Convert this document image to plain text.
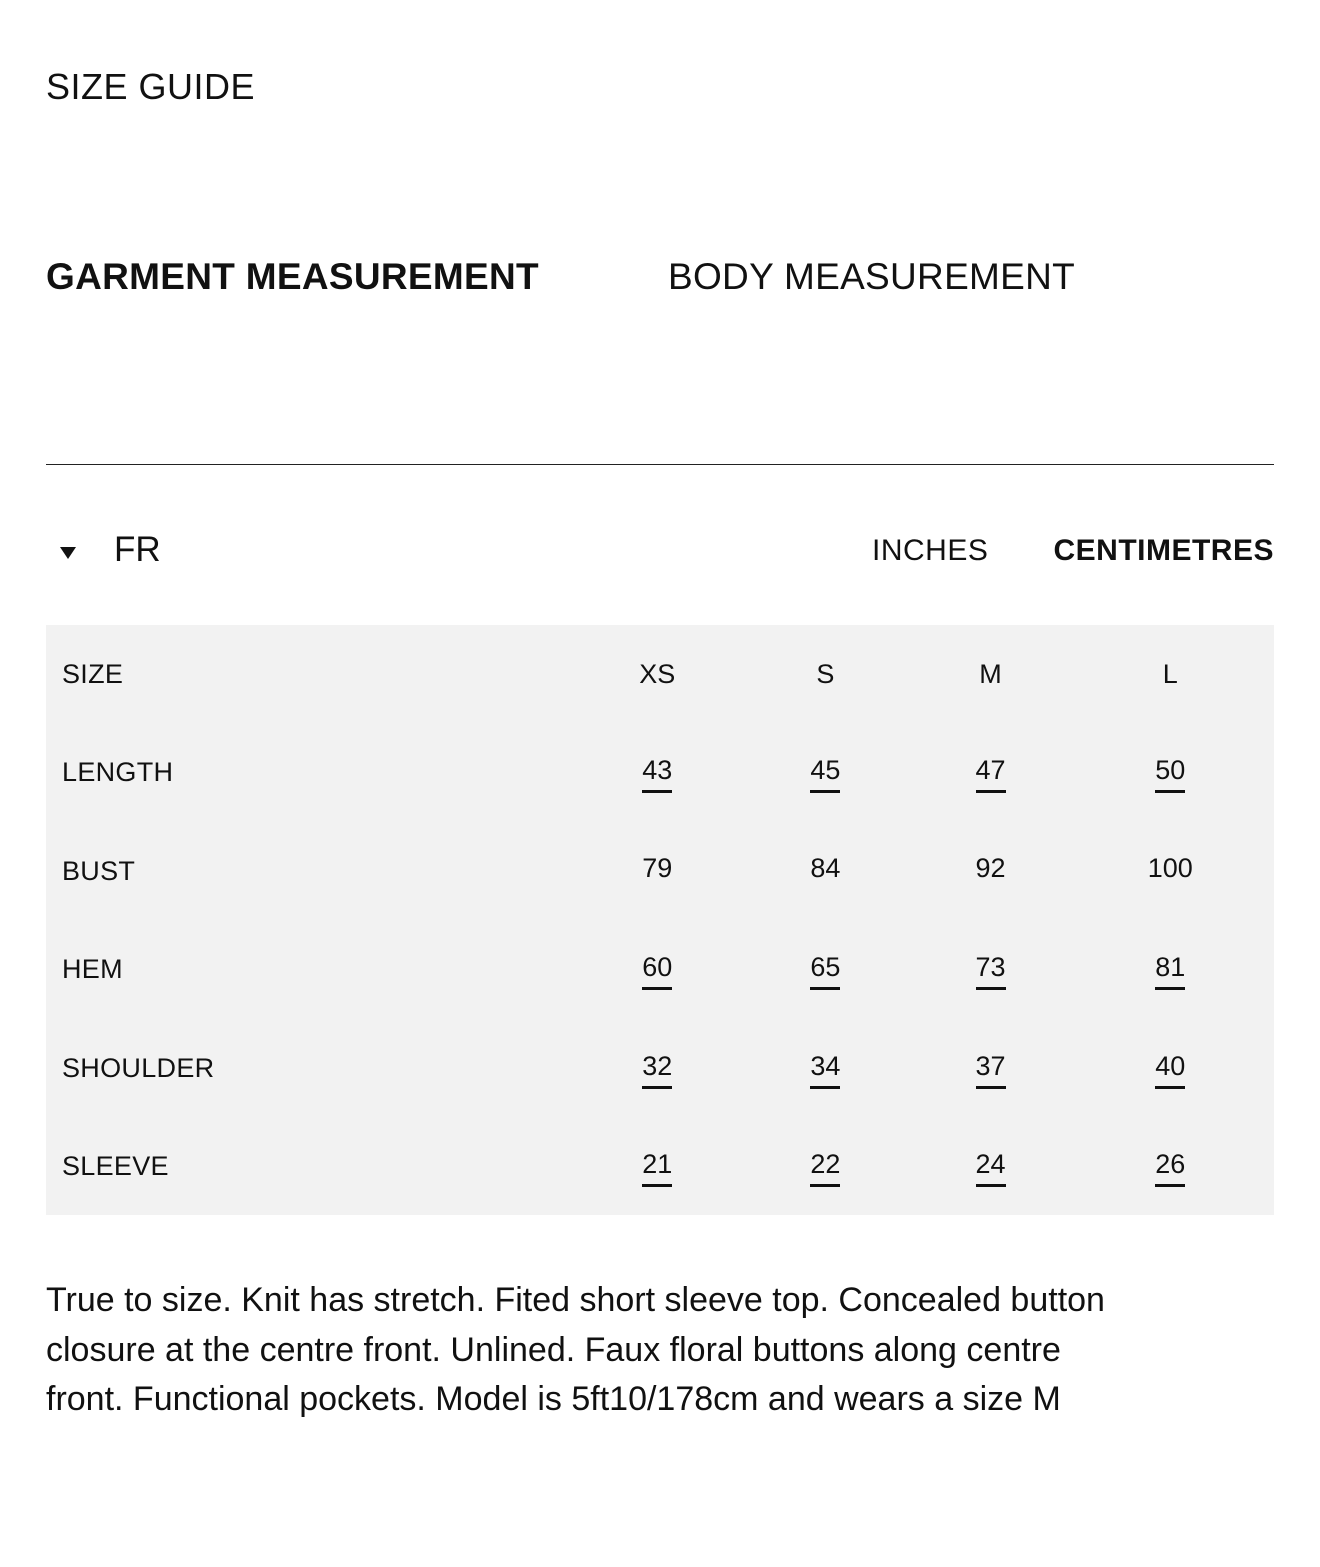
SIZE GUIDE
GARMENT MEASUREMENT	BODY MEASUREMENT
FR	INCHES CENTIMETRES
SIZE	XS	S	M	L
LENGTH	43	45	47	50
BUST	79	84	92	100
HEM	60	65	73	81
SHOULDER	32	34	37	40
SLEEVE	21	22	24	26

True to size. Knit has stretch. Fited short sleeve top. Concealed button closure at the centre front. Unlined. Faux floral buttons along centre front. Functional pockets. Model is 5ft10/178cm and wears a size M
